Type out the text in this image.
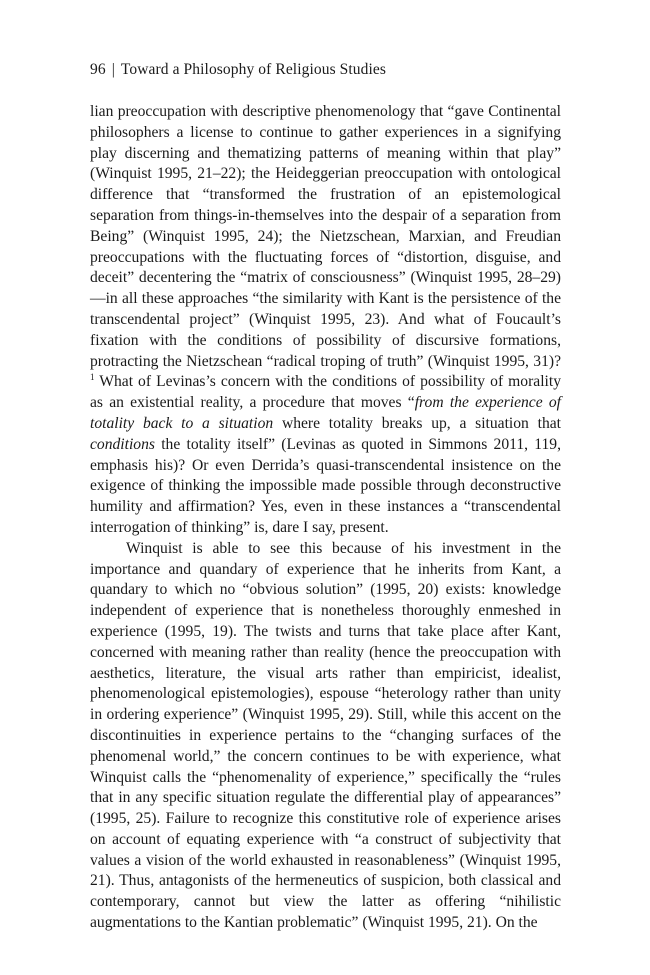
96 | Toward a Philosophy of Religious Studies

lian preoccupation with descriptive phenomenology that “gave Continental philosophers a license to continue to gather experiences in a signifying play discerning and thematizing patterns of meaning within that play” (Winquist 1995, 21–22); the Heideggerian preoccupation with ontological difference that “transformed the frustration of an epistemological separation from things-in-themselves into the despair of a separation from Being” (Winquist 1995, 24); the Nietzschean, Marxian, and Freudian preoccupations with the fluctuating forces of “distortion, disguise, and deceit” decentering the “matrix of consciousness” (Winquist 1995, 28–29)—in all these approaches “the similarity with Kant is the persistence of the transcendental project” (Winquist 1995, 23). And what of Foucault’s fixation with the conditions of possibility of discursive formations, protracting the Nietzschean “radical troping of truth” (Winquist 1995, 31)?$^1$ What of Levinas’s concern with the conditions of possibility of morality as an existential reality, a procedure that moves “from the experience of totality back to a situation where totality breaks up, a situation that conditions the totality itself” (Levinas as quoted in Simmons 2011, 119, emphasis his)? Or even Derrida’s quasi-transcendental insistence on the exigence of thinking the impossible made possible through deconstructive humility and affirmation? Yes, even in these instances a “transcendental interrogation of thinking” is, dare I say, present.

Winquist is able to see this because of his investment in the importance and quandary of experience that he inherits from Kant, a quandary to which no “obvious solution” (1995, 20) exists: knowledge independent of experience that is nonetheless thoroughly enmeshed in experience (1995, 19). The twists and turns that take place after Kant, concerned with meaning rather than reality (hence the preoccupation with aesthetics, literature, the visual arts rather than empiricist, idealist, phenomenological epistemologies), espouse “heterology rather than unity in ordering experience” (Winquist 1995, 29). Still, while this accent on the discontinuities in experience pertains to the “changing surfaces of the phenomenal world,” the concern continues to be with experience, what Winquist calls the “phenomenality of experience,” specifically the “rules that in any specific situation regulate the differential play of appearances” (1995, 25). Failure to recognize this constitutive role of experience arises on account of equating experience with “a construct of subjectivity that values a vision of the world exhausted in reasonableness” (Winquist 1995, 21). Thus, antagonists of the hermeneutics of suspicion, both classical and contemporary, cannot but view the latter as offering “nihilistic augmentations to the Kantian problematic” (Winquist 1995, 21). On the
